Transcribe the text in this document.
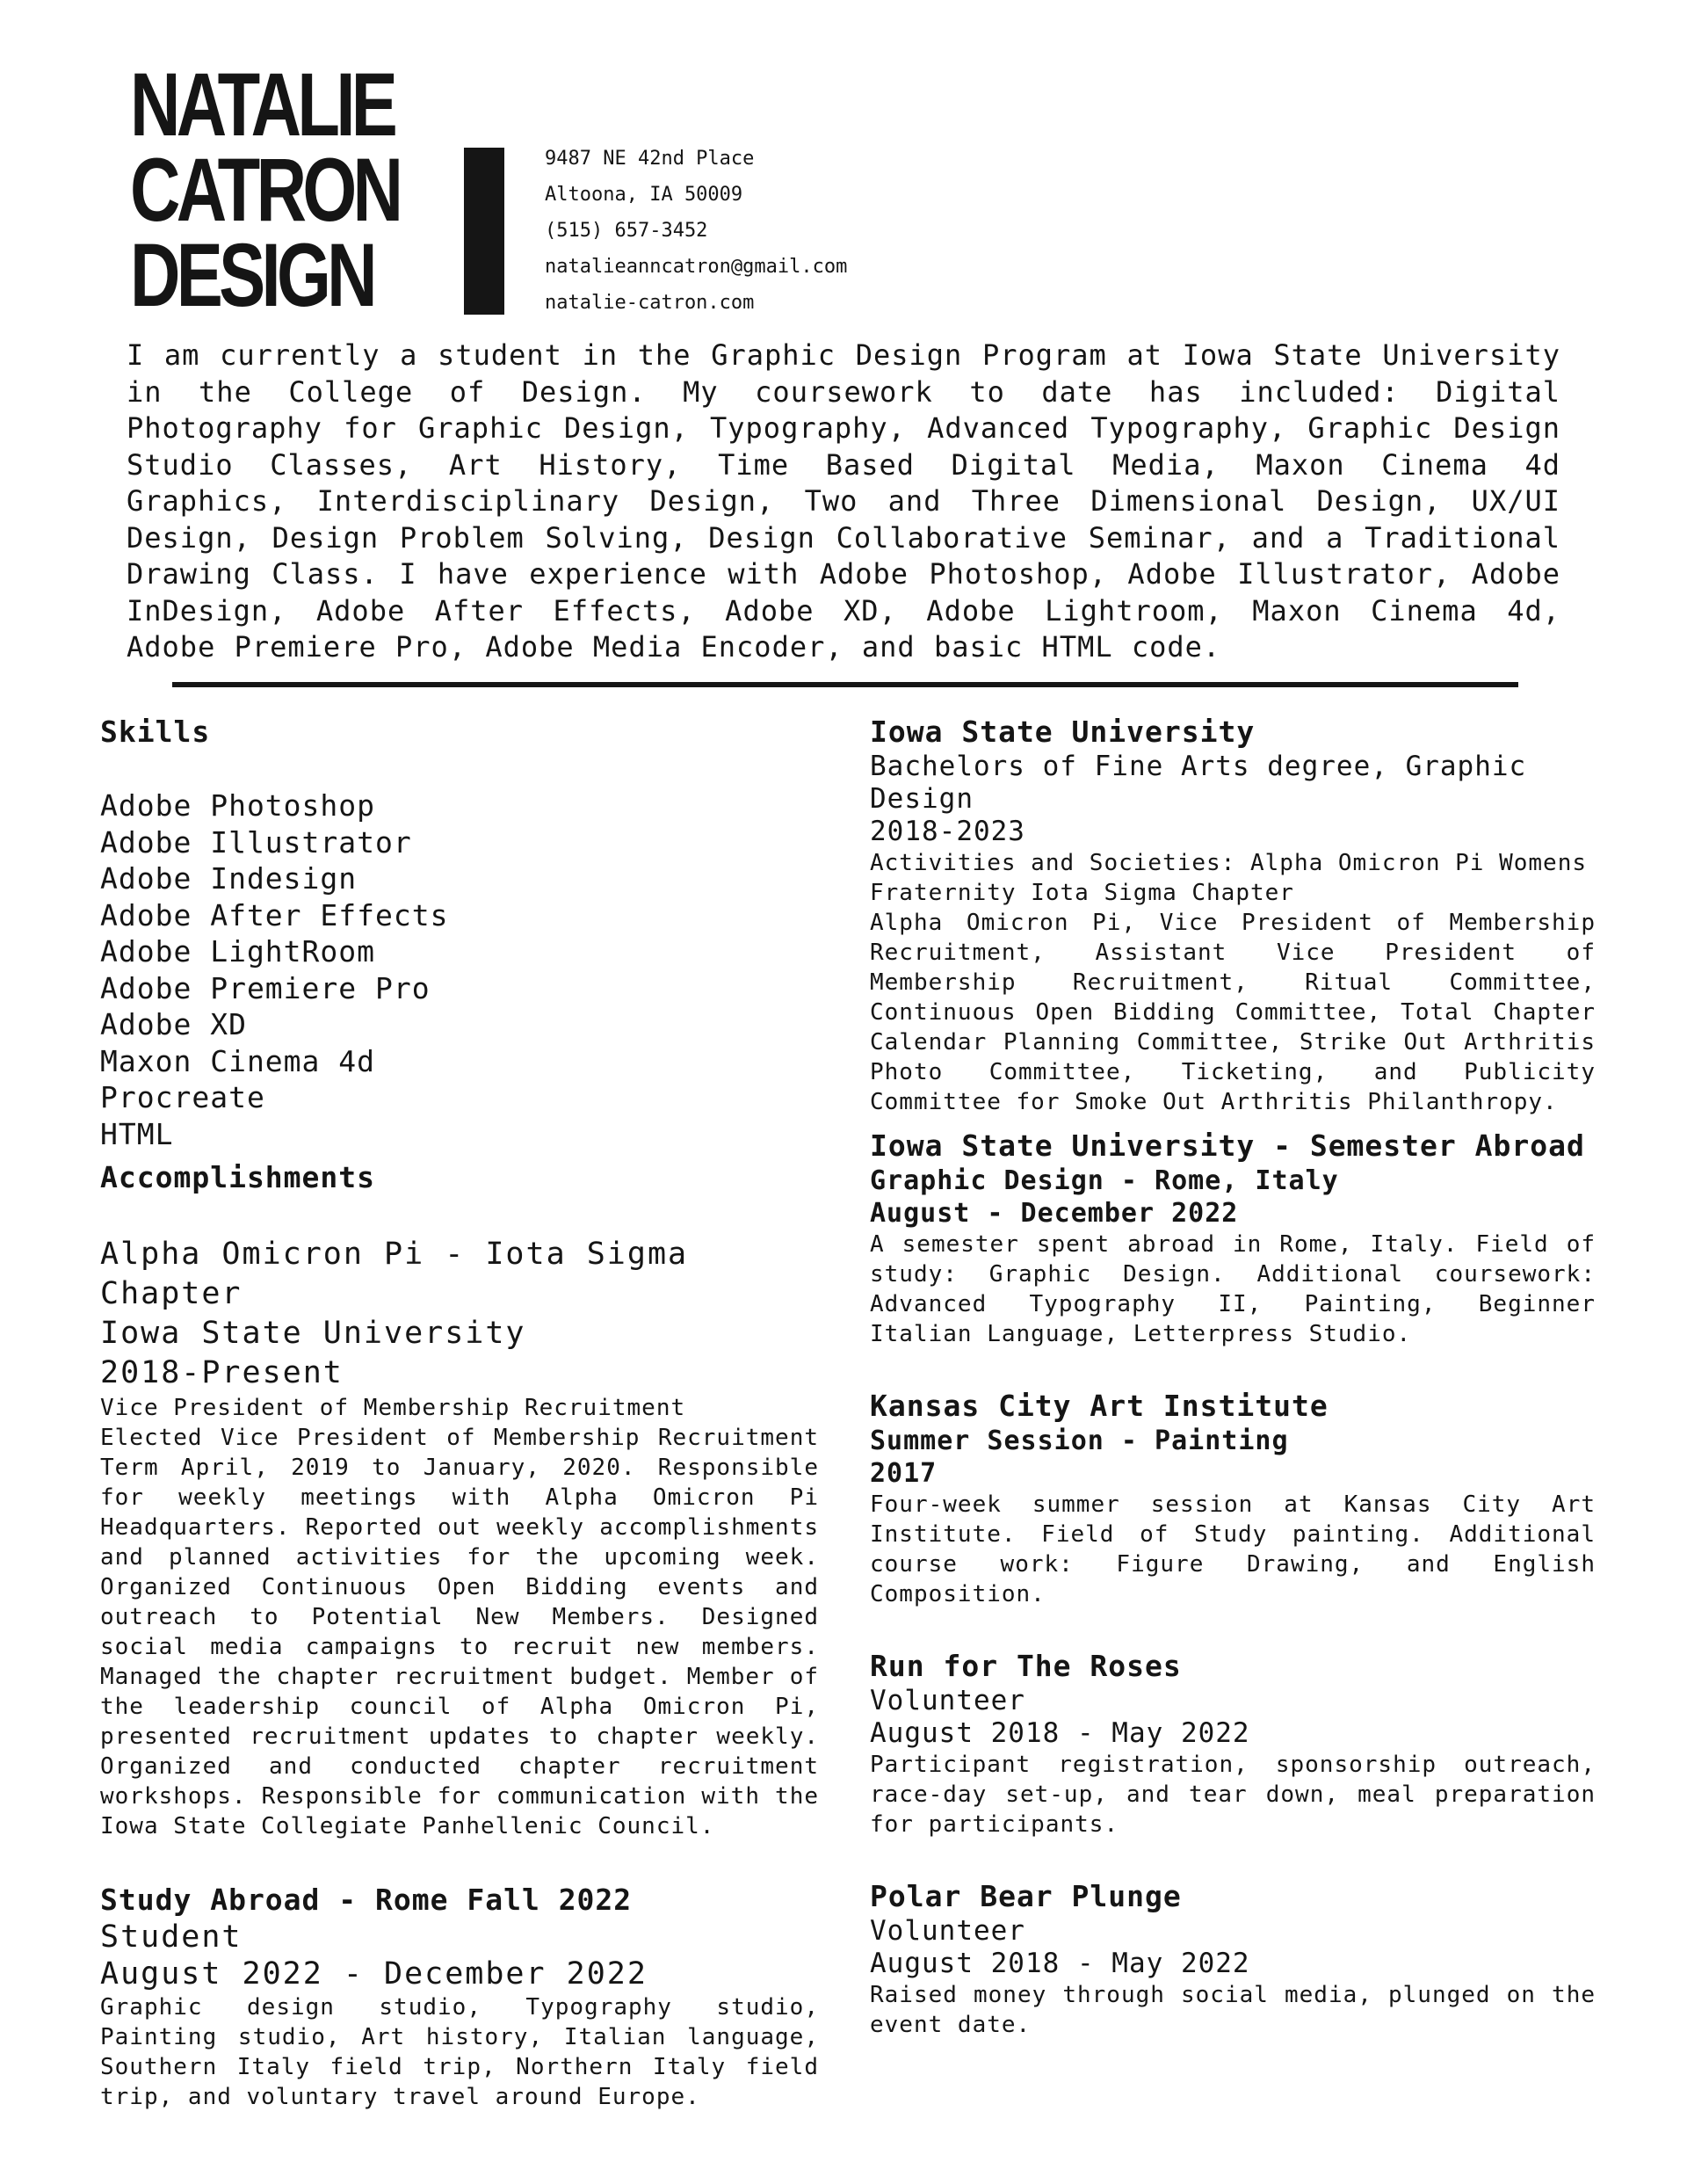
NATALIE
CATRON
DESIGN
9487 NE 42nd Place
Altoona, IA 50009
(515) 657-3452
natalieanncatron@gmail.com
natalie-catron.com
I am currently a student in the Graphic Design Program at Iowa State University in the College of Design. My coursework to date has included: Digital Photography for Graphic Design, Typography, Advanced Typography, Graphic Design Studio Classes, Art History, Time Based Digital Media, Maxon Cinema 4d Graphics, Interdisciplinary Design, Two and Three Dimensional Design, UX/UI Design, Design Problem Solving, Design Collaborative Seminar, and a Traditional Drawing Class. I have experience with Adobe Photoshop, Adobe Illustrator, Adobe InDesign, Adobe After Effects, Adobe XD, Adobe Lightroom, Maxon Cinema 4d, Adobe Premiere Pro, Adobe Media Encoder, and basic HTML code.
Skills
Adobe Photoshop
Adobe Illustrator
Adobe Indesign
Adobe After Effects
Adobe LightRoom
Adobe Premiere Pro
Adobe XD
Maxon Cinema 4d
Procreate
HTML
Accomplishments
Alpha Omicron Pi - Iota Sigma Chapter
Iowa State University
2018-Present
Vice President of Membership Recruitment
Elected Vice President of Membership Recruitment Term April, 2019 to January, 2020. Responsible for weekly meetings with Alpha Omicron Pi Headquarters. Reported out weekly accomplishments and planned activities for the upcoming week. Organized Continuous Open Bidding events and outreach to Potential New Members. Designed social media campaigns to recruit new members. Managed the chapter recruitment budget. Member of the leadership council of Alpha Omicron Pi, presented recruitment updates to chapter weekly. Organized and conducted chapter recruitment workshops. Responsible for communication with the Iowa State Collegiate Panhellenic Council.
Study Abroad - Rome Fall 2022
Student
August 2022 - December 2022
Graphic design studio, Typography studio, Painting studio, Art history, Italian language, Southern Italy field trip, Northern Italy field trip, and voluntary travel around Europe.
Iowa State University
Bachelors of Fine Arts degree, Graphic Design
2018-2023
Activities and Societies: Alpha Omicron Pi Womens Fraternity Iota Sigma Chapter
Alpha Omicron Pi, Vice President of Membership Recruitment, Assistant Vice President of Membership Recruitment, Ritual Committee, Continuous Open Bidding Committee, Total Chapter Calendar Planning Committee, Strike Out Arthritis Photo Committee, Ticketing, and Publicity Committee for Smoke Out Arthritis Philanthropy.
Iowa State University - Semester Abroad
Graphic Design - Rome, Italy
August - December 2022
A semester spent abroad in Rome, Italy. Field of study: Graphic Design. Additional coursework: Advanced Typography II, Painting, Beginner Italian Language, Letterpress Studio.
Kansas City Art Institute
Summer Session - Painting
2017
Four-week summer session at Kansas City Art Institute. Field of Study painting. Additional course work: Figure Drawing, and English Composition.
Run for The Roses
Volunteer
August 2018 - May 2022
Participant registration, sponsorship outreach, race-day set-up, and tear down, meal preparation for participants.
Polar Bear Plunge
Volunteer
August 2018 - May 2022
Raised money through social media, plunged on the event date.
